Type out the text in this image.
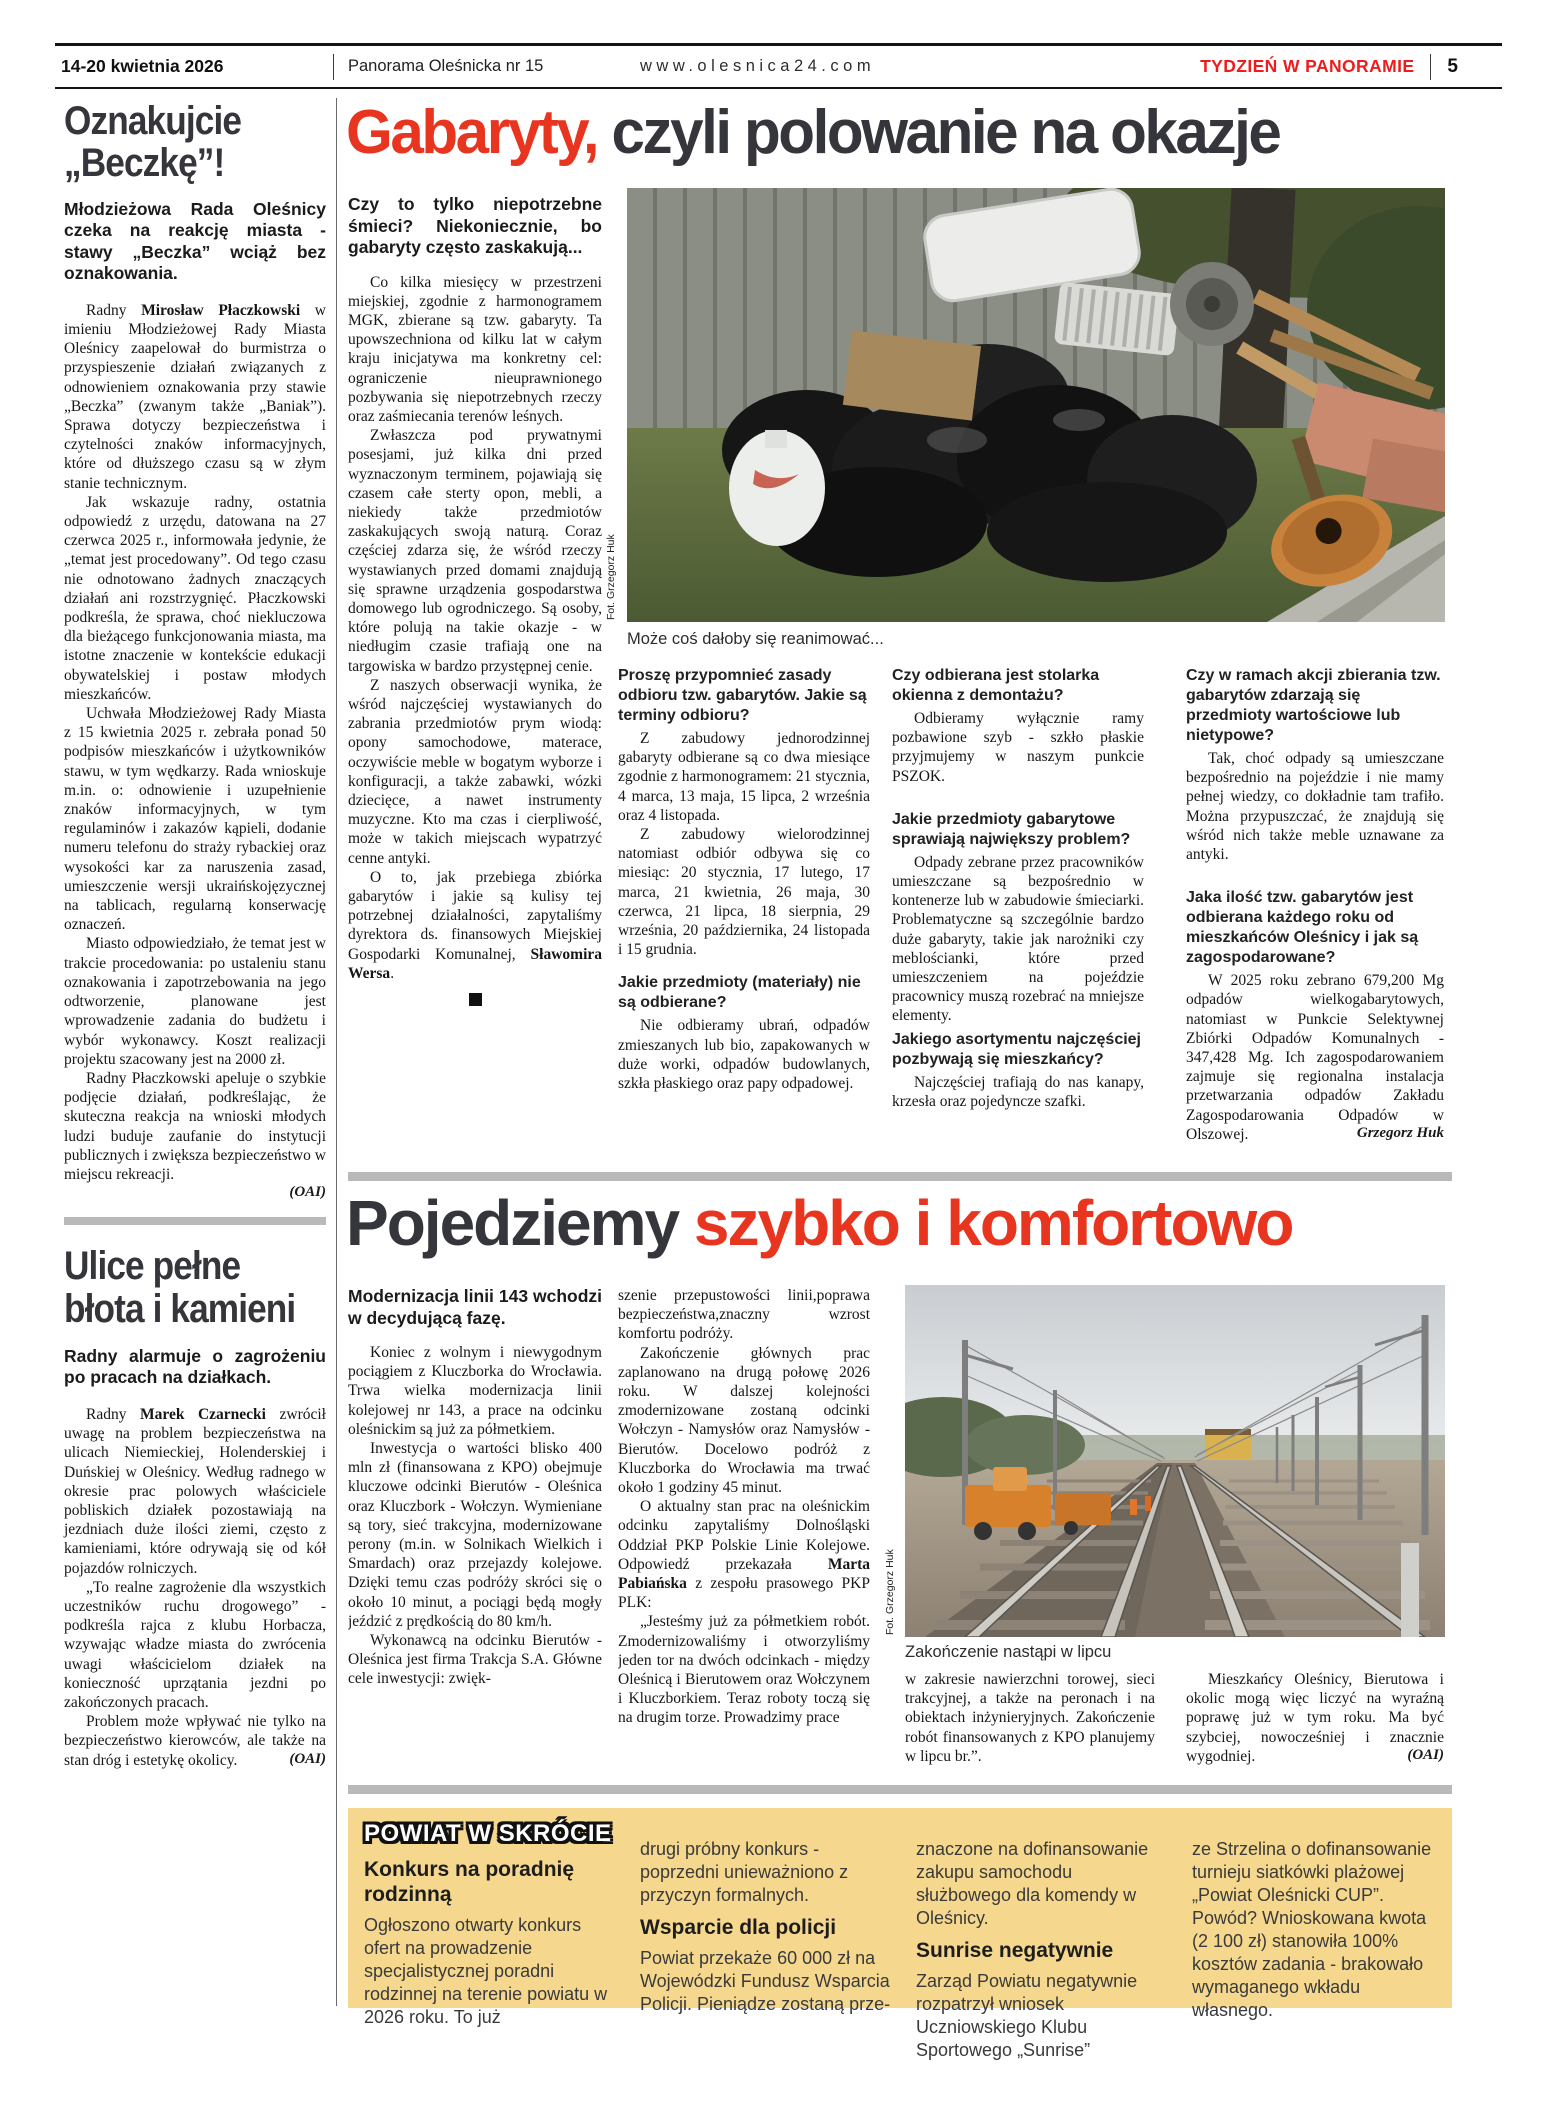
14-20 kwietnia 2026	Panorama Oleśnicka nr 15	www.olesnica24.com	TYDZIEŃ W PANORAMIE 5
Oznakujcie
„Beczkę”!
Młodzieżowa Rada Oleśnicy czeka na reakcję miasta - stawy „Beczka” wciąż bez oznakowania.

Radny Mirosław Płaczkowski w imieniu Młodzieżowej Rady Miasta Oleśnicy zaapelował do burmistrza o przyspieszenie działań związanych z odnowieniem oznakowania przy stawie „Beczka” (zwanym także „Baniak”). Sprawa dotyczy bezpieczeństwa i czytelności znaków informacyjnych, które od dłuższego czasu są w złym stanie technicznym.

Jak wskazuje radny, ostatnia odpowiedź z urzędu, datowana na 27 czerwca 2025 r., informowała jedynie, że „temat jest procedowany”. Od tego czasu nie odnotowano żadnych znaczących działań ani rozstrzygnięć. Płaczkowski podkreśla, że sprawa, choć niekluczowa dla bieżącego funkcjonowania miasta, ma istotne znaczenie w kontekście edukacji obywatelskiej i postaw młodych mieszkańców.

Uchwała Młodzieżowej Rady Miasta z 15 kwietnia 2025 r. zebrała ponad 50 podpisów mieszkańców i użytkowników stawu, w tym wędkarzy. Rada wnioskuje m.in. o: odnowienie i uzupełnienie znaków informacyjnych, w tym regulaminów i zakazów kąpieli, dodanie numeru telefonu do straży rybackiej oraz wysokości kar za naruszenia zasad, umieszczenie wersji ukraińskojęzycznej na tablicach, regularną konserwację oznaczeń.

Miasto odpowiedziało, że temat jest w trakcie procedowania: po ustaleniu stanu oznakowania i zapotrzebowania na jego odtworzenie, planowane jest wprowadzenie zadania do budżetu i wybór wykonawcy. Koszt realizacji projektu szacowany jest na 2000 zł.

Radny Płaczkowski apeluje o szybkie podjęcie działań, podkreślając, że skuteczna reakcja na wnioski młodych ludzi buduje zaufanie do instytucji publicznych i zwiększa bezpieczeństwo w miejscu rekreacji.

(OAI)
Ulice pełne
błota i kamieni
Radny alarmuje o zagrożeniu po pracach na działkach.

Radny Marek Czarnecki zwrócił uwagę na problem bezpieczeństwa na ulicach Niemieckiej, Holenderskiej i Duńskiej w Oleśnicy. Według radnego w okresie prac polowych właściciele pobliskich działek pozostawiają na jezdniach duże ilości ziemi, często z kamieniami, które odrywają się od kół pojazdów rolniczych.

„To realne zagrożenie dla wszystkich uczestników ruchu drogowego” - podkreśla rajca z klubu Horbacza, wzywając władze miasta do zwrócenia uwagi właścicielom działek na konieczność uprzątania jezdni po zakończonych pracach.

Problem może wpływać nie tylko na bezpieczeństwo kierowców, ale także na stan dróg i estetykę okolicy.	(OAI)
Gabaryty, czyli polowanie na okazje
Czy to tylko niepotrzebne śmieci? Niekoniecznie, bo gabaryty często zaskakują...

Co kilka miesięcy w przestrzeni miejskiej, zgodnie z harmonogramem MGK, zbierane są tzw. gabaryty. Ta upowszechniona od kilku lat w całym kraju inicjatywa ma konkretny cel: ograniczenie nieuprawnionego pozbywania się niepotrzebnych rzeczy oraz zaśmiecania terenów leśnych.

Zwłaszcza pod prywatnymi posesjami, już kilka dni przed wyznaczonym terminem, pojawiają się czasem całe sterty opon, mebli, a niekiedy także przedmiotów zaskakujących swoją naturą. Coraz częściej zdarza się, że wśród rzeczy wystawianych przed domami znajdują się sprawne urządzenia gospodarstwa domowego lub ogrodniczego. Są osoby, które polują na takie okazje - w niedługim czasie trafiają one na targowiska w bardzo przystępnej cenie.

Z naszych obserwacji wynika, że wśród najczęściej wystawianych do zabrania przedmiotów prym wiodą: opony samochodowe, materace, oczywiście meble w bogatym wyborze i konfiguracji, a także zabawki, wózki dziecięce, a nawet instrumenty muzyczne. Kto ma czas i cierpliwość, może w takich miejscach wypatrzyć cenne antyki.

O to, jak przebiega zbiórka gabarytów i jakie są kulisy tej potrzebnej działalności, zapytaliśmy dyrektora ds. finansowych Miejskiej Gospodarki Komunalnej, Sławomira Wersa.

Fot. Grzegorz Huk
Może coś dałoby się reanimować...
Proszę przypomnieć zasady odbioru tzw. gabarytów. Jakie są terminy odbioru?

Z zabudowy jednorodzinnej gabaryty odbierane są co dwa miesiące zgodnie z harmonogramem: 21 stycznia, 4 marca, 13 maja, 15 lipca, 2 września oraz 4 listopada.

Z zabudowy wielorodzinnej natomiast odbiór odbywa się co miesiąc: 20 stycznia, 17 lutego, 17 marca, 21 kwietnia, 26 maja, 30 czerwca, 21 lipca, 18 sierpnia, 29 września, 20 października, 24 listopada i 15 grudnia.

Jakie przedmioty (materiały) nie są odbierane?

Nie odbieramy ubrań, odpadów zmieszanych lub bio, zapakowanych w duże worki, odpadów budowlanych, szkła płaskiego oraz papy odpadowej.

Czy odbierana jest stolarka okienna z demontażu?

Odbieramy wyłącznie ramy pozbawione szyb - szkło płaskie przyjmujemy w naszym punkcie PSZOK.

Jakie przedmioty gabarytowe sprawiają największy problem?

Odpady zebrane przez pracowników umieszczane są bezpośrednio w kontenerze lub w zabudowie śmieciarki. Problematyczne są szczególnie bardzo duże gabaryty, takie jak narożniki czy meblościanki, które przed umieszczeniem na pojeździe pracownicy muszą rozebrać na mniejsze elementy.

Jakiego asortymentu najczęściej pozbywają się mieszkańcy?

Najczęściej trafiają do nas kanapy, krzesła oraz pojedyncze szafki.

Czy w ramach akcji zbierania tzw. gabarytów zdarzają się przedmioty wartościowe lub nietypowe?

Tak, choć odpady są umieszczane bezpośrednio na pojeździe i nie mamy pełnej wiedzy, co dokładnie tam trafiło. Można przypuszczać, że znajdują się wśród nich także meble uznawane za antyki.

Jaka ilość tzw. gabarytów jest odbierana każdego roku od mieszkańców Oleśnicy i jak są zagospodarowane?

W 2025 roku zebrano 679,200 Mg odpadów wielkogabarytowych, natomiast w Punkcie Selektywnej Zbiórki Odpadów Komunalnych - 347,428 Mg. Ich zagospodarowaniem zajmuje się regionalna instalacja przetwarzania odpadów Zakładu Zagospodarowania Odpadów w Olszowej.	Grzegorz Huk
Pojedziemy szybko i komfortowo
Modernizacja linii 143 wchodzi w decydującą fazę.

Koniec z wolnym i niewygodnym pociągiem z Kluczborka do Wrocławia. Trwa wielka modernizacja linii kolejowej nr 143, a prace na odcinku oleśnickim są już za półmetkiem.

Inwestycja o wartości blisko 400 mln zł (finansowana z KPO) obejmuje kluczowe odcinki Bierutów - Oleśnica oraz Kluczbork - Wołczyn. Wymieniane są tory, sieć trakcyjna, modernizowane perony (m.in. w Solnikach Wielkich i Smardach) oraz przejazdy kolejowe. Dzięki temu czas podróży skróci się o około 10 minut, a pociągi będą mogły jeździć z prędkością do 80 km/h.

Wykonawcą na odcinku Bierutów - Oleśnica jest firma Trakcja S.A. Główne cele inwestycji: zwięk-

szenie przepustowości linii,poprawa bezpieczeństwa,znaczny wzrost komfortu podróży.

Zakończenie głównych prac zaplanowano na drugą połowę 2026 roku. W dalszej kolejności zmodernizowane zostaną odcinki Wołczyn - Namysłów oraz Namysłów - Bierutów. Docelowo podróż z Kluczborka do Wrocławia ma trwać około 1 godziny 45 minut.

O aktualny stan prac na oleśnickim odcinku zapytaliśmy Dolnośląski Oddział PKP Polskie Linie Kolejowe. Odpowiedź przekazała Marta Pabiańska z zespołu prasowego PKP PLK:

„Jesteśmy już za półmetkiem robót. Zmodernizowaliśmy i otworzyliśmy jeden tor na dwóch odcinkach - między Oleśnicą i Bierutowem oraz Wołczynem i Kluczborkiem. Teraz roboty toczą się na drugim torze. Prowadzimy prace

Fot. Grzegorz Huk
Zakończenie nastąpi w lipcu

w zakresie nawierzchni torowej, sieci trakcyjnej, a także na peronach i na obiektach inżynieryjnych. Zakończenie robót finansowanych z KPO planujemy w lipcu br.”.

Mieszkańcy Oleśnicy, Bierutowa i okolic mogą więc liczyć na wyraźną poprawę już w tym roku. Ma być szybciej, nowocześniej i znacznie wygodniej.	(OAI)
POWIAT W SKRÓCIE
Konkurs na poradnię rodzinną
Ogłoszono otwarty konkurs ofert na prowadzenie specjalistycznej poradni rodzinnej na terenie powiatu w 2026 roku. To już
drugi próbny konkurs - poprzedni unieważniono z przyczyn formalnych.
Wsparcie dla policji
Powiat przekaże 60 000 zł na Wojewódzki Fundusz Wsparcia Policji. Pieniądze zostaną prze-
znaczone na dofinansowanie zakupu samochodu służbowego dla komendy w Oleśnicy.
Sunrise negatywnie
Zarząd Powiatu negatywnie rozpatrzył wniosek Uczniowskiego Klubu Sportowego „Sunrise”
ze Strzelina o dofinansowanie turnieju siatkówki plażowej „Powiat Oleśnicki CUP”. Powód? Wnioskowana kwota (2 100 zł) stanowiła 100% kosztów zadania - brakowało wymaganego wkładu własnego.
